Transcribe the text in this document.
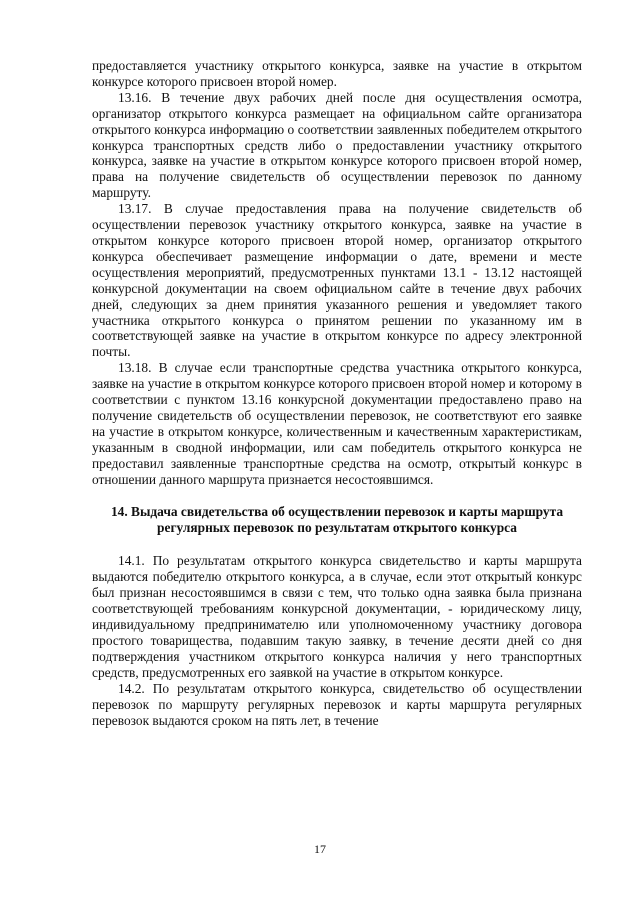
предоставляется участнику открытого конкурса, заявке на участие в открытом конкурсе которого присвоен второй номер.

13.16. В течение двух рабочих дней после дня осуществления осмотра, организатор открытого конкурса размещает на официальном сайте организатора открытого конкурса информацию о соответствии заявленных победителем открытого конкурса транспортных средств либо о предоставлении участнику открытого конкурса, заявке на участие в открытом конкурсе которого присвоен второй номер, права на получение свидетельств об осуществлении перевозок по данному маршруту.

13.17. В случае предоставления права на получение свидетельств об осуществлении перевозок участнику открытого конкурса, заявке на участие в открытом конкурсе которого присвоен второй номер, организатор открытого конкурса обеспечивает размещение информации о дате, времени и месте осуществления мероприятий, предусмотренных пунктами 13.1 - 13.12 настоящей конкурсной документации на своем официальном сайте в течение двух рабочих дней, следующих за днем принятия указанного решения и уведомляет такого участника открытого конкурса о принятом решении по указанному им в соответствующей заявке на участие в открытом конкурсе по адресу электронной почты.

13.18. В случае если транспортные средства участника открытого конкурса, заявке на участие в открытом конкурсе которого присвоен второй номер и которому в соответствии с пунктом 13.16 конкурсной документации предоставлено право на получение свидетельств об осуществлении перевозок, не соответствуют его заявке на участие в открытом конкурсе, количественным и качественным характеристикам, указанным в сводной информации, или сам победитель открытого конкурса не предоставил заявленные транспортные средства на осмотр, открытый конкурс в отношении данного маршрута признается несостоявшимся.

14. Выдача свидетельства об осуществлении перевозок и карты маршрута регулярных перевозок по результатам открытого конкурса

14.1. По результатам открытого конкурса свидетельство и карты маршрута выдаются победителю открытого конкурса, а в случае, если этот открытый конкурс был признан несостоявшимся в связи с тем, что только одна заявка была признана соответствующей требованиям конкурсной документации, - юридическому лицу, индивидуальному предпринимателю или уполномоченному участнику договора простого товарищества, подавшим такую заявку, в течение десяти дней со дня подтверждения участником открытого конкурса наличия у него транспортных средств, предусмотренных его заявкой на участие в открытом конкурсе.

14.2. По результатам открытого конкурса, свидетельство об осуществлении перевозок по маршруту регулярных перевозок и карты маршрута регулярных перевозок выдаются сроком на пять лет, в течение

17
